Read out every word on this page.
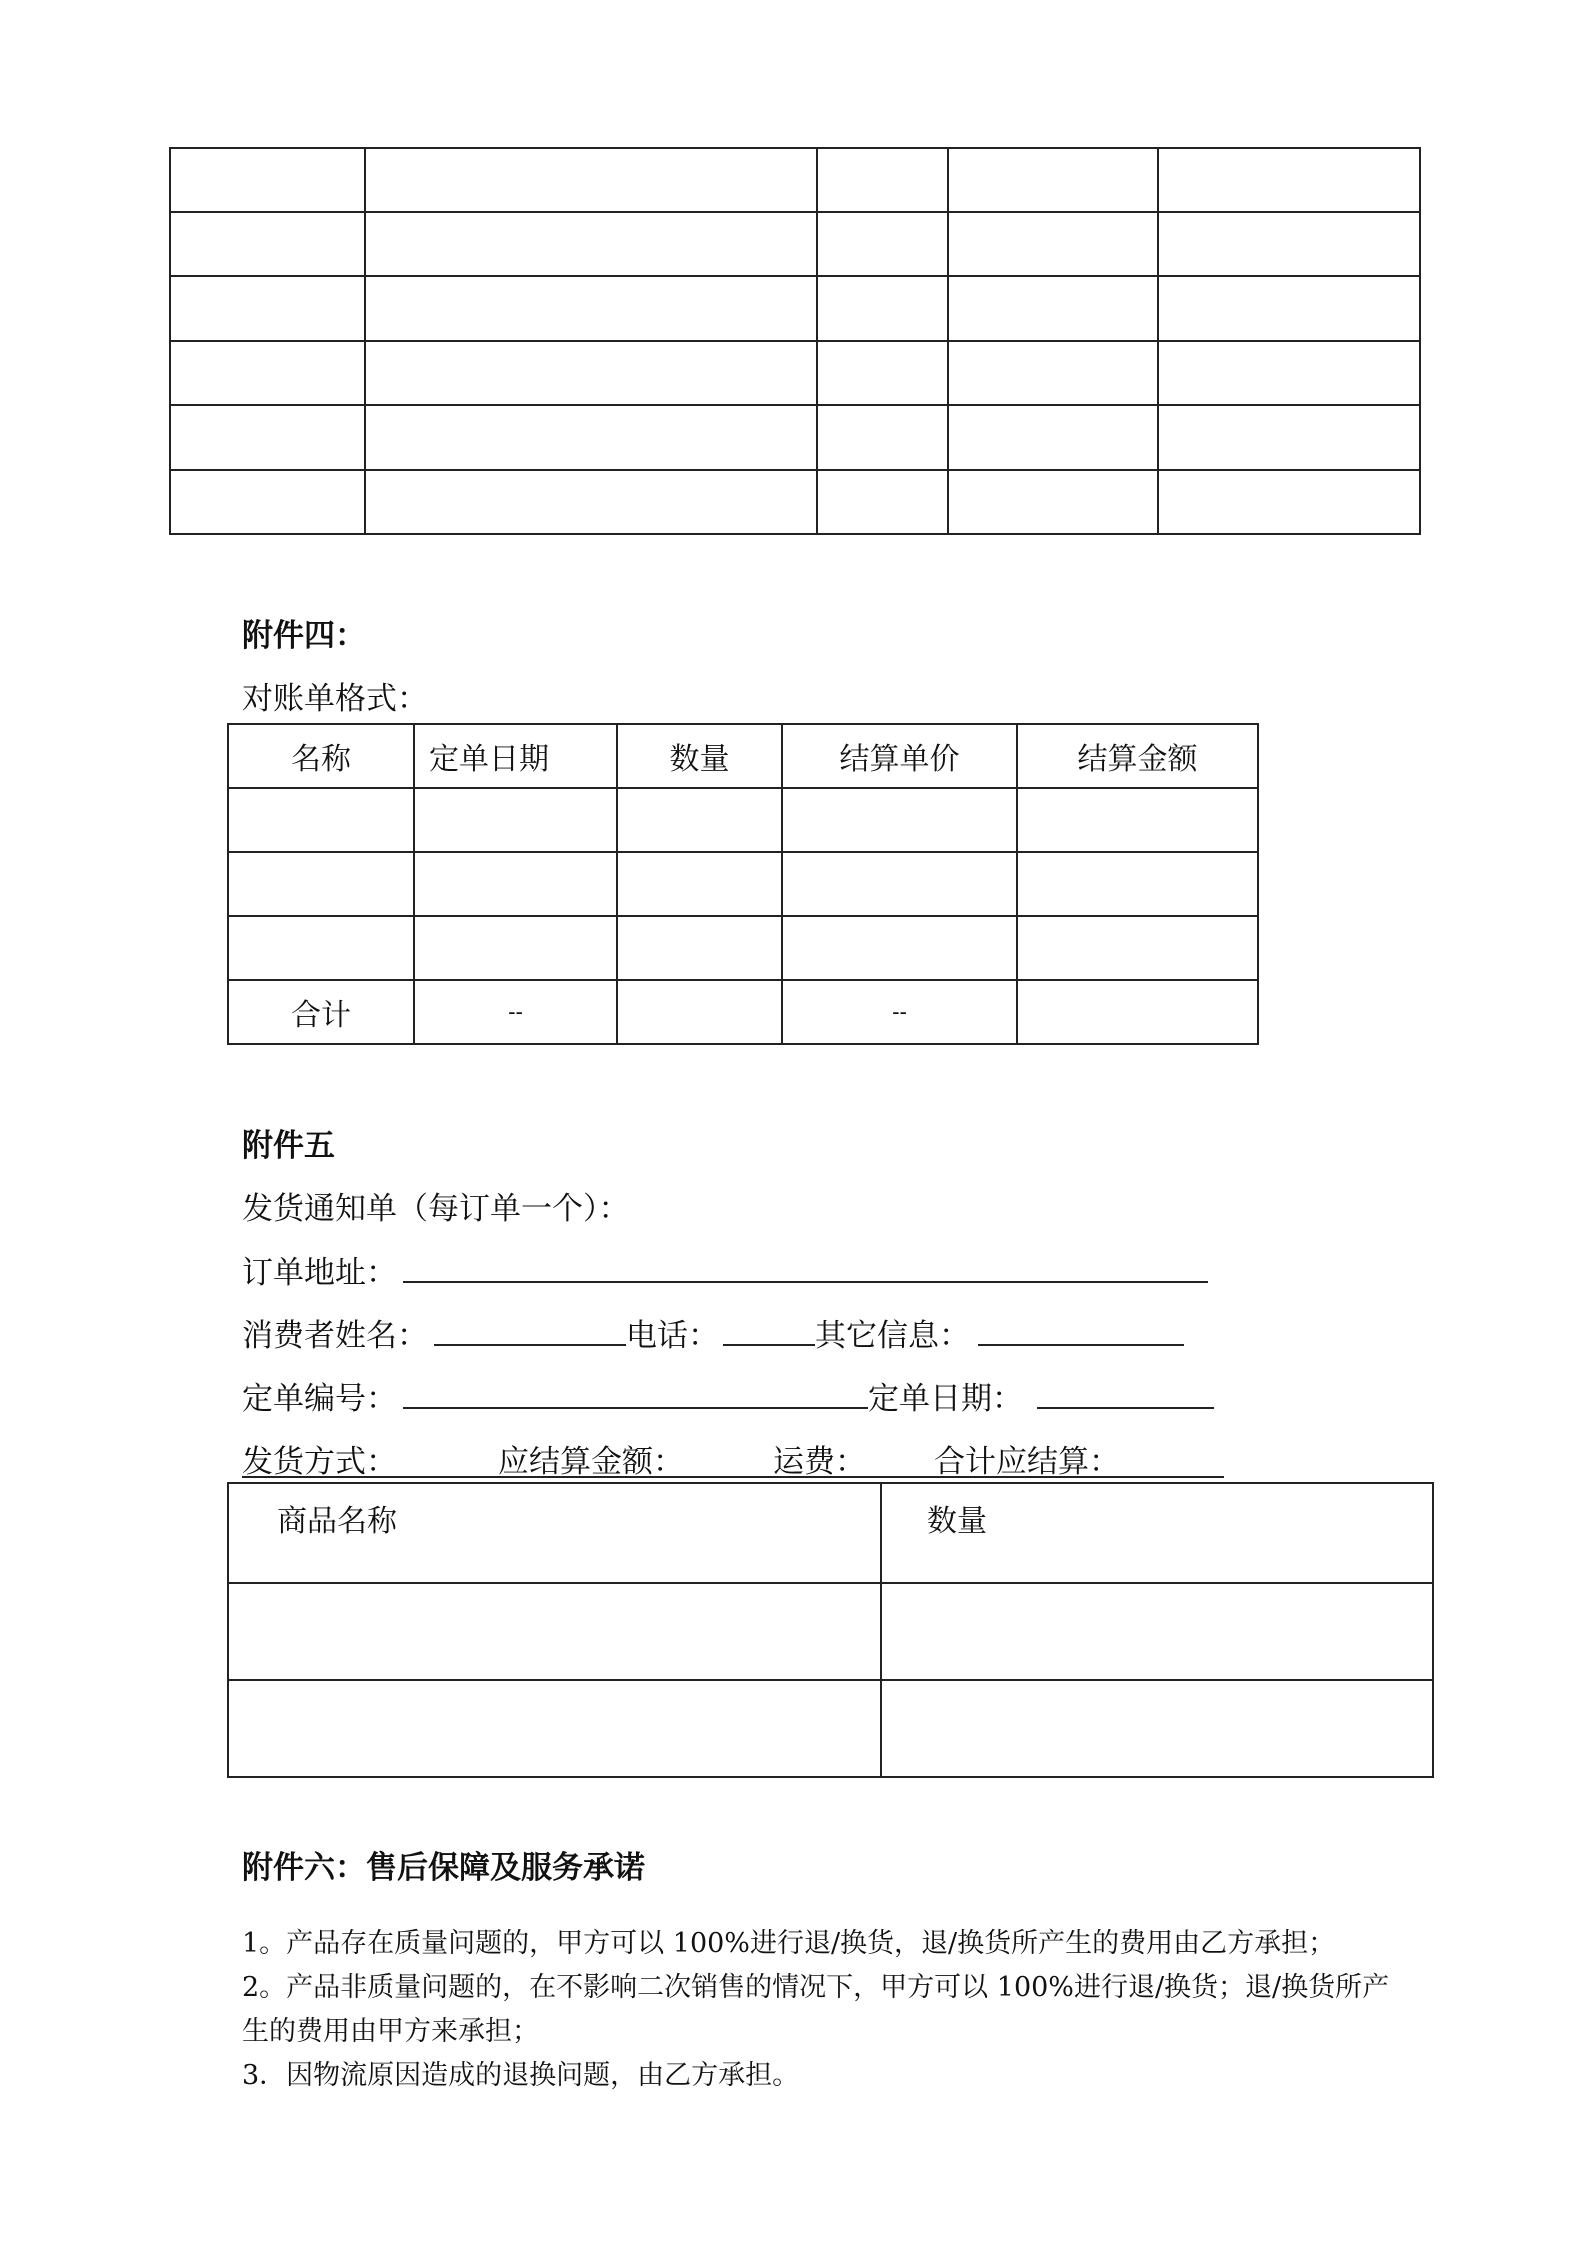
附件四：
对账单格式：
名称	定单日期	数量	结算单价	结算金额

合计	--		--	
附件五
发货通知单（每订单一个）：
订单地址：
消费者姓名：	电话：	其它信息：
定单编号：	定单日期：
发货方式：	应结算金额：	运费： 合计应结算：
商品名称	数量

附件六：售后保障及服务承诺
1。产品存在质量问题的，甲方可以 100%进行退/换货，退/换货所产生的费用由乙方承担；
2。产品非质量问题的，在不影响二次销售的情况下，甲方可以 100%进行退/换货；退/换货所产
生的费用由甲方来承担；
3．因物流原因造成的退换问题，由乙方承担。
